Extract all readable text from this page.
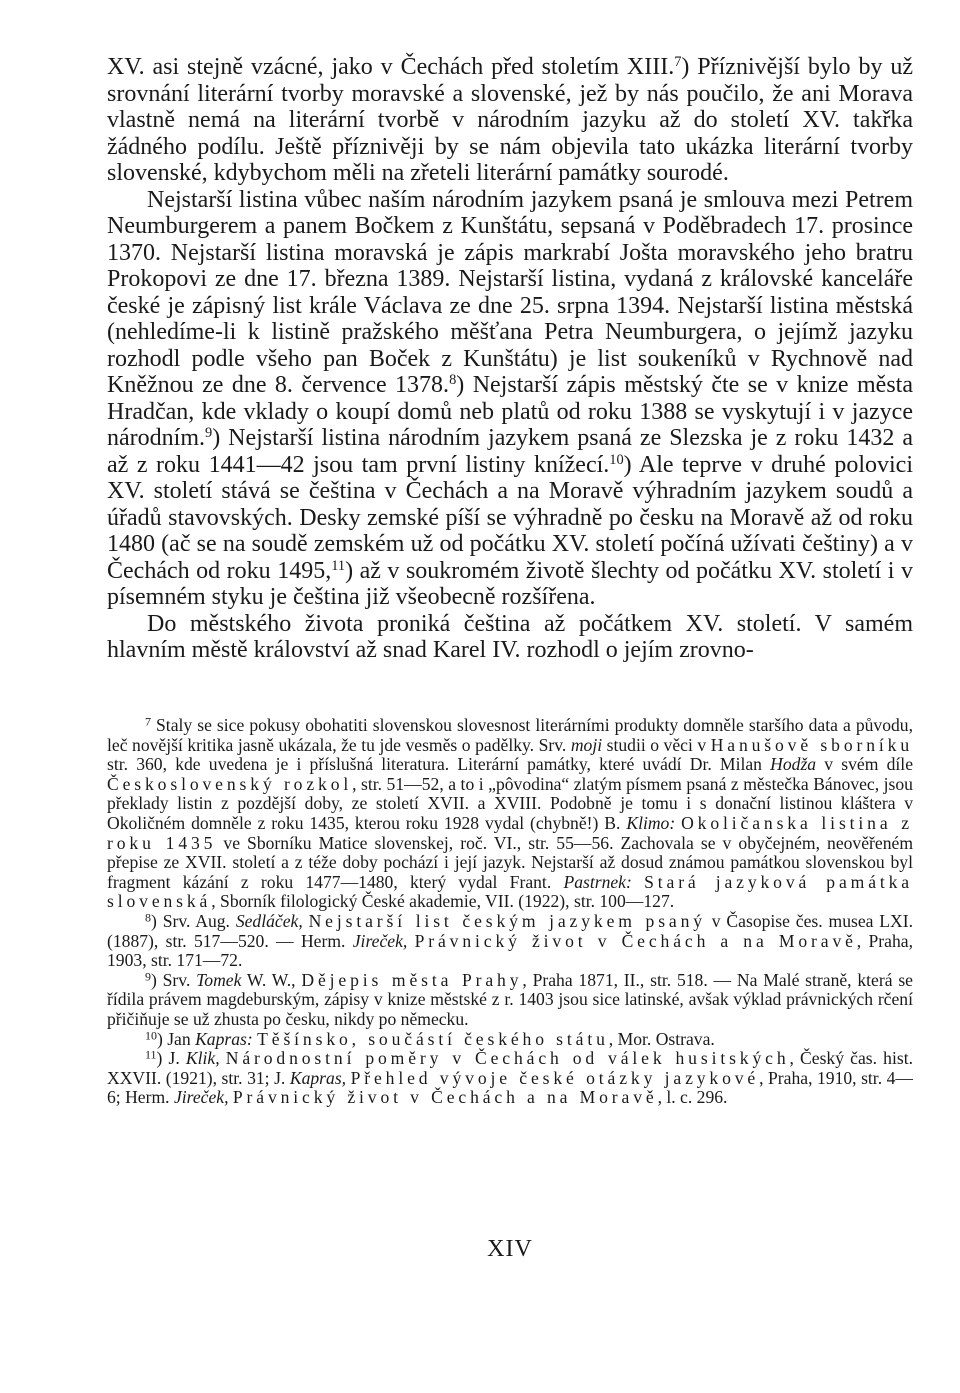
XV. asi stejně vzácné, jako v Čechách před stoletím XIII.$^7$) Příznivější bylo by už srovnání literární tvorby moravské a slovenské, jež by nás poučilo, že ani Morava vlastně nemá na literární tvorbě v národním jazyku až do století XV. takřka žádného podílu. Ještě příznivěji by se nám objevila tato ukázka literární tvorby slovenské, kdybychom měli na zřeteli literární památky sourodé.

Nejstarší listina vůbec naším národním jazykem psaná je smlouva mezi Petrem Neumburgerem a panem Bočkem z Kunštátu, sepsaná v Poděbradech 17. prosince 1370. Nejstarší listina moravská je zápis markrabí Jošta moravského jeho bratru Prokopovi ze dne 17. března 1389. Nejstarší listina, vydaná z královské kanceláře české je zápisný list krále Václava ze dne 25. srpna 1394. Nejstarší listina městská (nehledíme-li k listině pražského měšťana Petra Neumburgera, o jejímž jazyku rozhodl podle všeho pan Boček z Kunštátu) je list soukeníků v Rychnově nad Kněžnou ze dne 8. července 1378.$^8$) Nejstarší zápis městský čte se v knize města Hradčan, kde vklady o koupí domů neb platů od roku 1388 se vyskytují i v jazyce národním.$^9$) Nejstarší listina národním jazykem psaná ze Slezska je z roku 1432 a až z roku 1441—42 jsou tam první listiny knížecí.$^{10}$) Ale teprve v druhé polovici XV. století stává se čeština v Čechách a na Moravě výhradním jazykem soudů a úřadů stavovských. Desky zemské píší se výhradně po česku na Moravě až od roku 1480 (ač se na soudě zemském už od počátku XV. století počíná užívati češtiny) a v Čechách od roku 1495,11) až v soukromém životě šlechty od počátku XV. století i v písemném styku je čeština již všeobecně rozšířena.

Do městského života proniká čeština až počátkem XV. století. V samém hlavním městě království až snad Karel IV. rozhodl o jejím zrovno-

$^7$ Staly se sice pokusy obohatiti slovenskou slovesnost literárními produkty domněle staršího data a původu, leč novější kritika jasně ukázala, že tu jde vesměs o padělky. Srv. moji studii o věci v Hanušově sborníku str. 360, kde uvedena je i příslušná literatura. Literární památky, které uvádí Dr. Milan Hodža v svém díle Československý rozkol, str. 51—52, a to i „pôvodina“ zlatým písmem psaná z městečka Bánovec, jsou překlady listin z pozdější doby, ze století XVII. a XVIII. Podobně je tomu i s donační listinou kláštera v Okoličném domněle z roku 1435, kterou roku 1928 vydal (chybně!) B. Klimo: Okoličanska listina z roku 1435 ve Sborníku Matice slovenskej, roč. VI., str. 55—56. Zachovala se v obyčejném, neověřeném přepise ze XVII. století a z téže doby pochází i její jazyk. Nejstarší až dosud známou památkou slovenskou byl fragment kázání z roku 1477—1480, který vydal Frant. Pastrnek: Stará jazyková památka slovenská, Sborník filologický České akademie, VII. (1922), str. 100—127.

$^8$) Srv. Aug. Sedláček, Nejstarší list českým jazykem psaný v Časopise čes. musea LXI. (1887), str. 517—520. — Herm. Jireček, Právnický život v Čechách a na Moravě, Praha, 1903, str. 171—72.

$^9$) Srv. Tomek W. W., Dějepis města Prahy, Praha 1871, II., str. 518. — Na Malé straně, která se řídila právem magdeburským, zápisy v knize městské z r. 1403 jsou sice latinské, avšak výklad právnických rčení přičiňuje se už zhusta po česku, nikdy po německu.

$^{10}$) Jan Kapras: Těšínsko, součástí českého státu, Mor. Ostrava.

$^{11}$) J. Klik, Národnostní poměry v Čechách od válek husitských, Český čas. hist. XXVII. (1921), str. 31; J. Kapras, Přehled vývoje české otázky jazykové, Praha, 1910, str. 4—6; Herm. Jireček, Právnický život v Čechách a na Moravě, l. c. 296.

XIV
